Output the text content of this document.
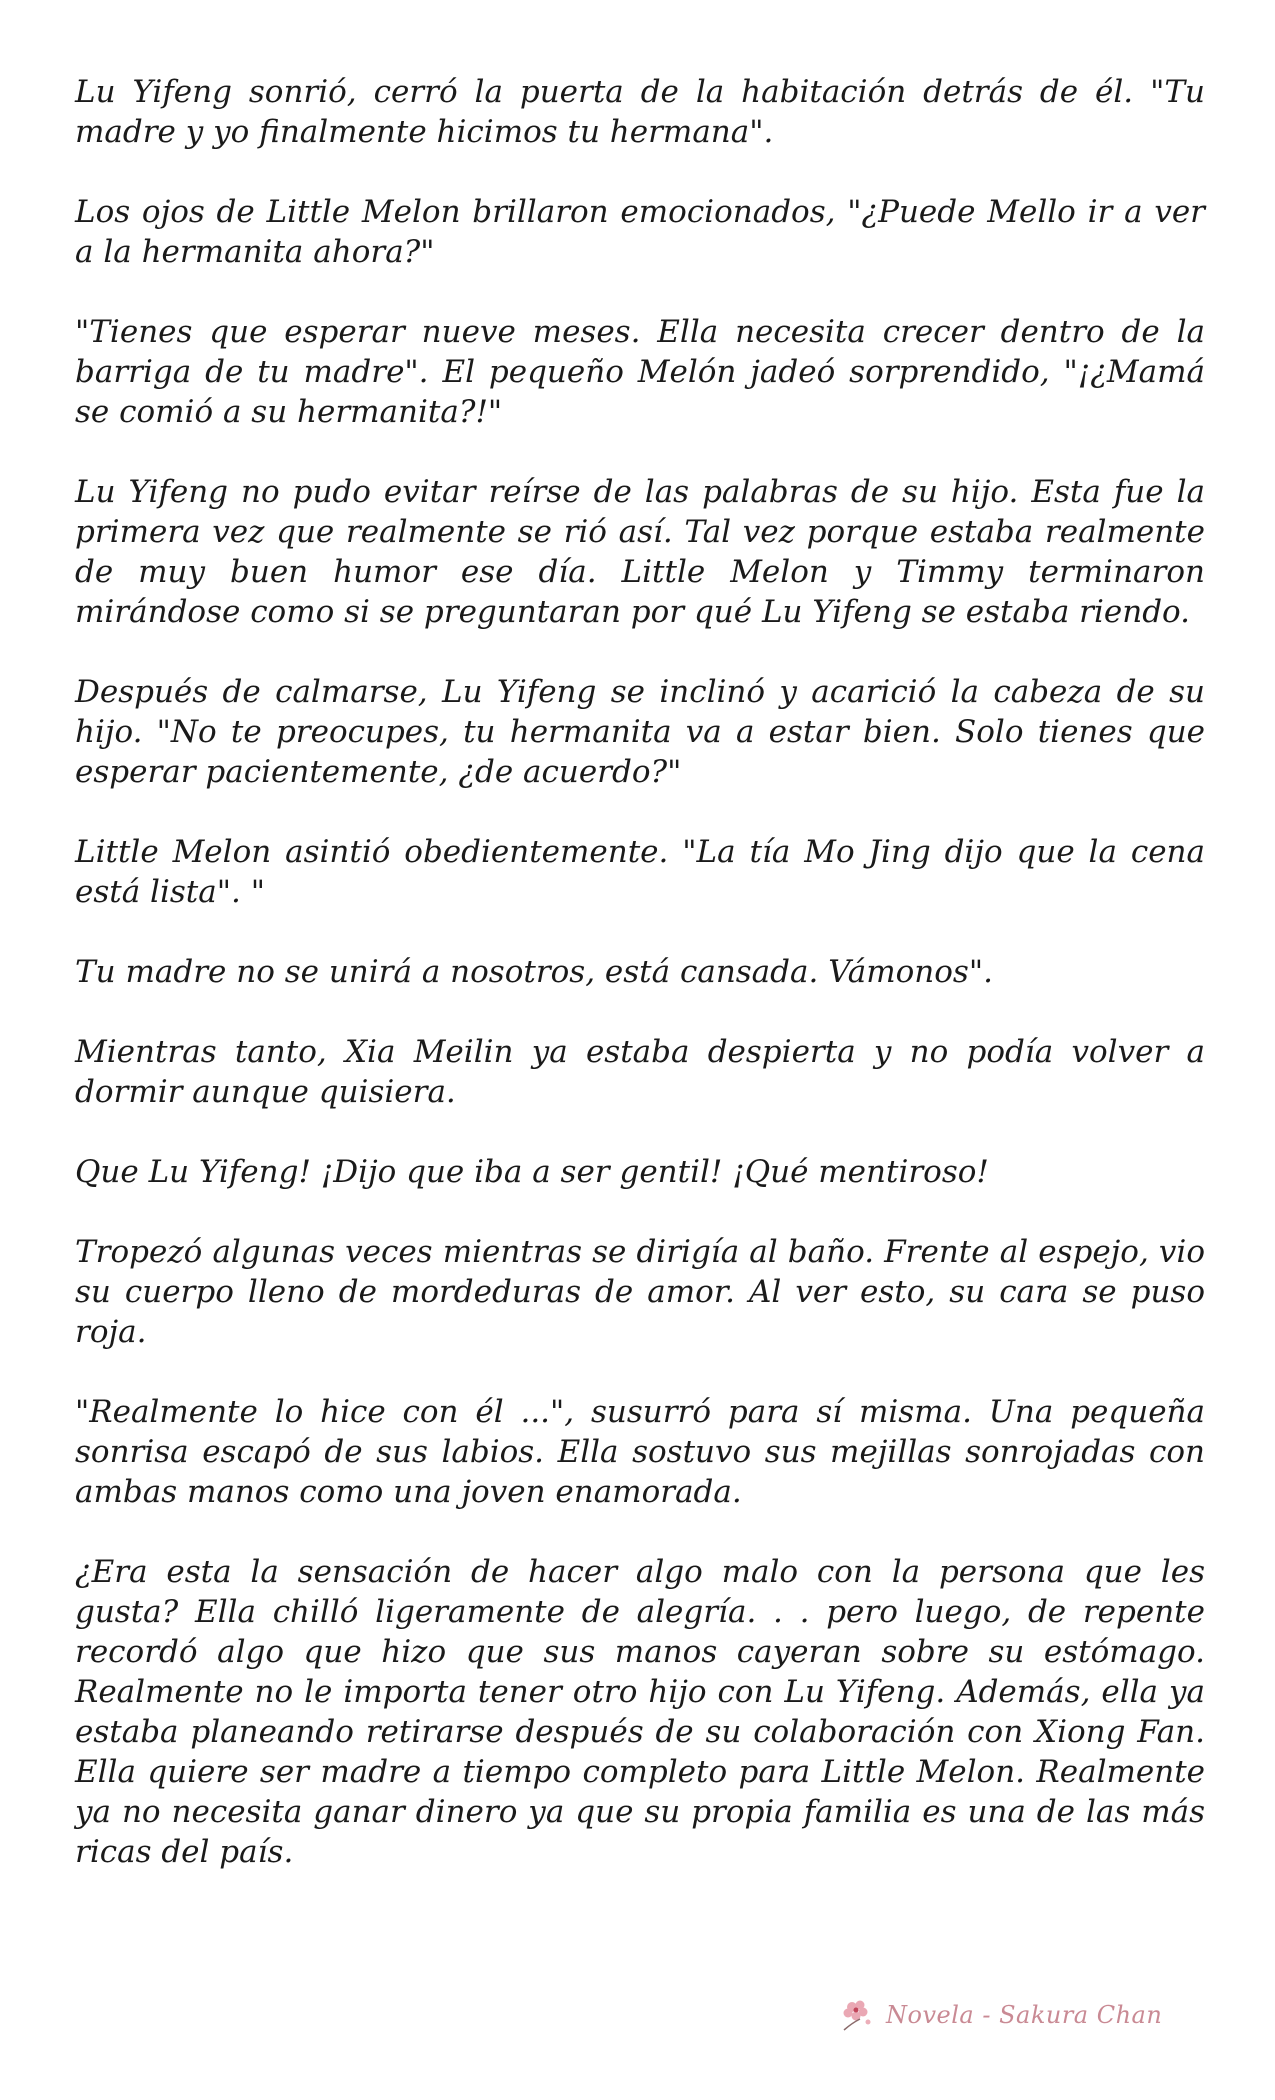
Lu Yifeng sonrió, cerró la puerta de la habitación detrás de él. "Tu madre y yo finalmente hicimos tu hermana".

Los ojos de Little Melon brillaron emocionados, "¿Puede Mello ir a ver a la hermanita ahora?"

"Tienes que esperar nueve meses. Ella necesita crecer dentro de la barriga de tu madre". El pequeño Melón jadeó sorprendido, "¡¿Mamá se comió a su hermanita?!"

Lu Yifeng no pudo evitar reírse de las palabras de su hijo. Esta fue la primera vez que realmente se rió así. Tal vez porque estaba realmente de muy buen humor ese día. Little Melon y Timmy terminaron mirándose como si se preguntaran por qué Lu Yifeng se estaba riendo.

Después de calmarse, Lu Yifeng se inclinó y acarició la cabeza de su hijo. "No te preocupes, tu hermanita va a estar bien. Solo tienes que esperar pacientemente, ¿de acuerdo?"

Little Melon asintió obedientemente. "La tía Mo Jing dijo que la cena está lista". "

Tu madre no se unirá a nosotros, está cansada. Vámonos".

Mientras tanto, Xia Meilin ya estaba despierta y no podía volver a dormir aunque quisiera.

Que Lu Yifeng! ¡Dijo que iba a ser gentil! ¡Qué mentiroso!

Tropezó algunas veces mientras se dirigía al baño. Frente al espejo, vio su cuerpo lleno de mordeduras de amor. Al ver esto, su cara se puso roja.

"Realmente lo hice con él ...", susurró para sí misma. Una pequeña sonrisa escapó de sus labios. Ella sostuvo sus mejillas sonrojadas con ambas manos como una joven enamorada.

¿Era esta la sensación de hacer algo malo con la persona que les gusta? Ella chilló ligeramente de alegría. . . pero luego, de repente recordó algo que hizo que sus manos cayeran sobre su estómago. Realmente no le importa tener otro hijo con Lu Yifeng. Además, ella ya estaba planeando retirarse después de su colaboración con Xiong Fan. Ella quiere ser madre a tiempo completo para Little Melon. Realmente ya no necesita ganar dinero ya que su propia familia es una de las más ricas del país.

Novela - Sakura Chan
